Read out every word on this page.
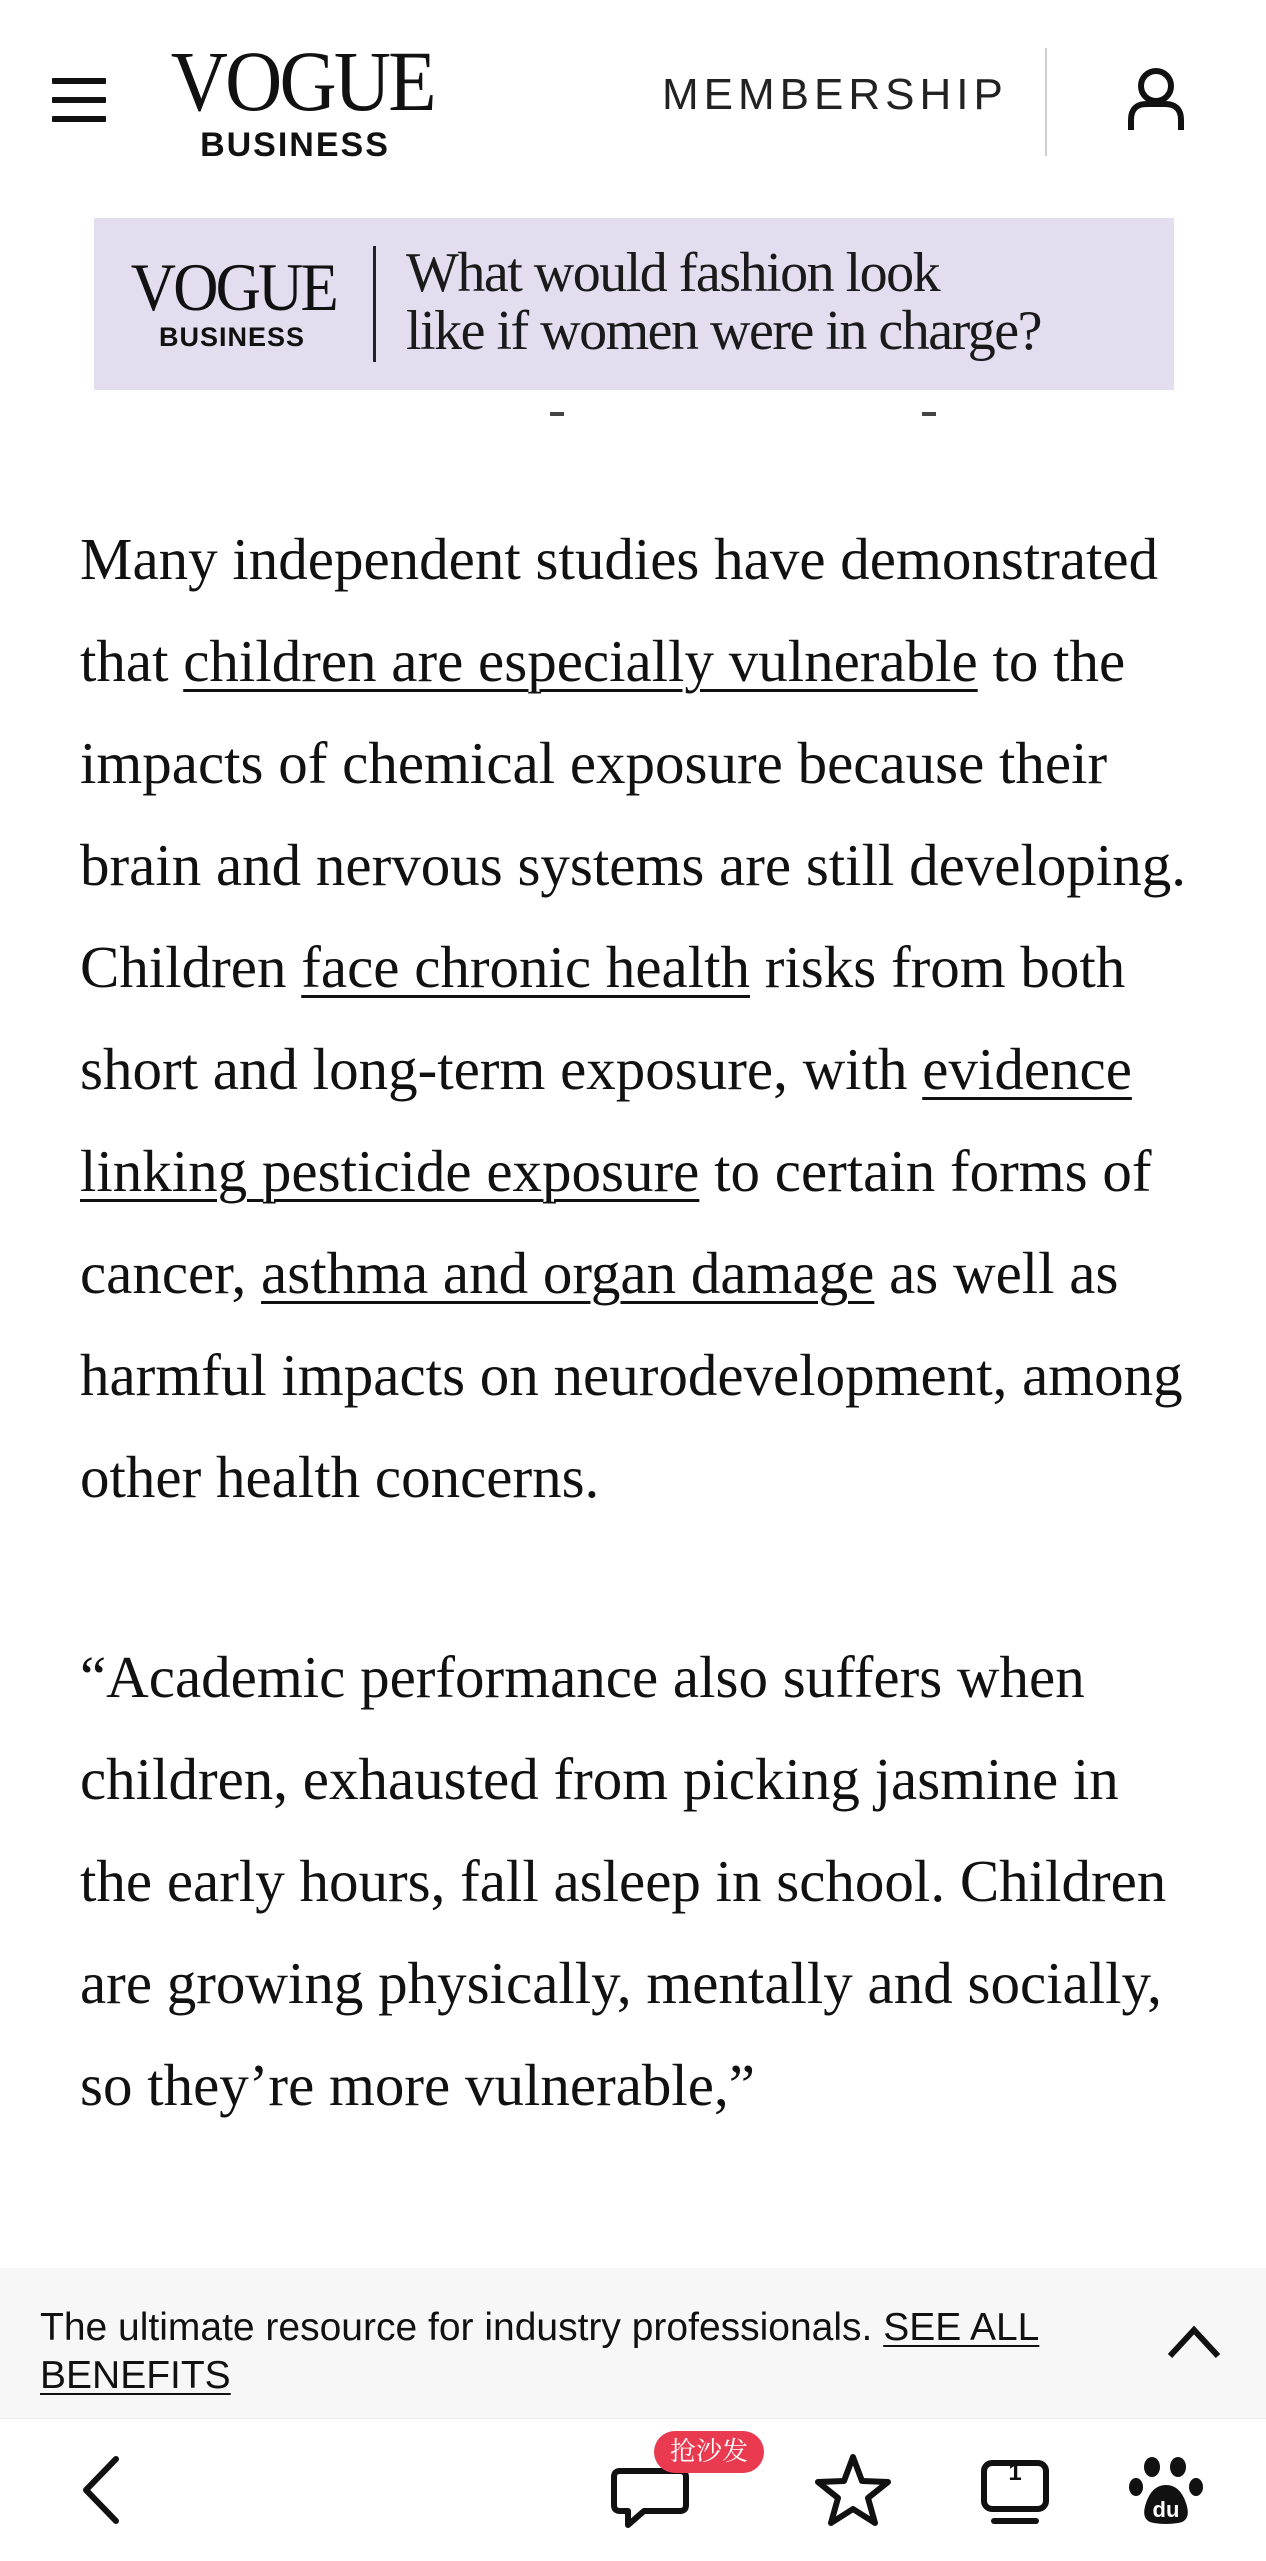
VOGUE
BUSINESS
MEMBERSHIP
VOGUE
BUSINESS
What would fashion look
like if women were in charge?

Many independent studies have demonstrated that children are especially vulnerable to the impacts of chemical exposure because their brain and nervous systems are still developing. Children face chronic health risks from both short and long-term exposure, with evidence linking pesticide exposure to certain forms of cancer, asthma and organ damage as well as harmful impacts on neurodevelopment, among other health concerns.

“Academic performance also suffers when children, exhausted from picking jasmine in the early hours, fall asleep in school. Children are growing physically, mentally and socially, so they’re more vulnerable,”

The ultimate resource for industry professionals. SEE ALL BENEFITS
抢沙发
1
du
